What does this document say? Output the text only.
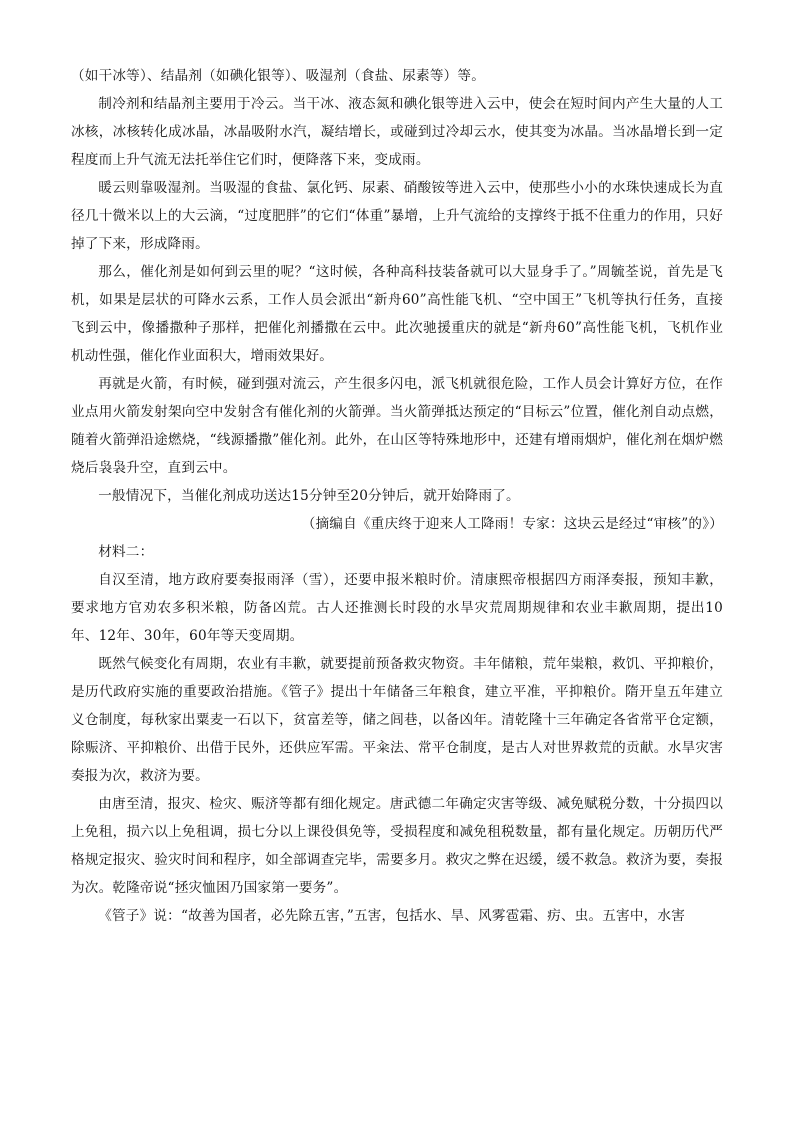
（如干冰等）、结晶剂（如碘化银等）、吸湿剂（食盐、尿素等）等。

制冷剂和结晶剂主要用于冷云。当干冰、液态氮和碘化银等进入云中，使会在短时间内产生大量的人工冰核，冰核转化成冰晶，冰晶吸附水汽，凝结增长，或碰到过冷却云水，使其变为冰晶。当冰晶增长到一定程度而上升气流无法托举住它们时，便降落下来，变成雨。

暖云则靠吸湿剂。当吸湿的食盐、氯化钙、尿素、硝酸铵等进入云中，使那些小小的水珠快速成长为直径几十微米以上的大云滴，“过度肥胖”的它们“体重”暴增，上升气流给的支撑终于抵不住重力的作用，只好掉了下来，形成降雨。

那么，催化剂是如何到云里的呢？“这时候，各种高科技装备就可以大显身手了。”周毓荃说，首先是飞机，如果是层状的可降水云系，工作人员会派出“新舟60”高性能飞机、“空中国王”飞机等执行任务，直接飞到云中，像播撒种子那样，把催化剂播撒在云中。此次驰援重庆的就是“新舟60”高性能飞机，飞机作业机动性强，催化作业面积大，增雨效果好。

再就是火箭，有时候，碰到强对流云，产生很多闪电，派飞机就很危险，工作人员会计算好方位，在作业点用火箭发射架向空中发射含有催化剂的火箭弹。当火箭弹抵达预定的“目标云”位置，催化剂自动点燃，随着火箭弹沿途燃烧，“线源播撒”催化剂。此外，在山区等特殊地形中，还建有增雨烟炉，催化剂在烟炉燃烧后袅袅升空，直到云中。

一般情况下，当催化剂成功送达15分钟至20分钟后，就开始降雨了。

（摘编自《重庆终于迎来人工降雨！专家：这块云是经过“审核”的》）

材料二：

自汉至清，地方政府要奏报雨泽（雪），还要申报米粮时价。清康熙帝根据四方雨泽奏报，预知丰歉，要求地方官劝农多积米粮，防备凶荒。古人还推测长时段的水旱灾荒周期规律和农业丰歉周期，提出10年、12年、30年，60年等天变周期。

既然气候变化有周期，农业有丰歉，就要提前预备救灾物资。丰年储粮，荒年粜粮，救饥、平抑粮价，是历代政府实施的重要政治措施。《管子》提出十年储备三年粮食，建立平准，平抑粮价。隋开皇五年建立义仓制度，每秋家出粟麦一石以下，贫富差等，储之闾巷，以备凶年。清乾隆十三年确定各省常平仓定额，除赈济、平抑粮价、出借于民外，还供应军需。平籴法、常平仓制度，是古人对世界救荒的贡献。水旱灾害奏报为次，救济为要。

由唐至清，报灾、检灾、赈济等都有细化规定。唐武德二年确定灾害等级、减免赋税分数，十分损四以上免租，损六以上免租调，损七分以上课役俱免等，受损程度和减免租税数量，都有量化规定。历朝历代严格规定报灾、验灾时间和程序，如全部调查完毕，需要多月。救灾之弊在迟缓，缓不救急。救济为要，奏报为次。乾隆帝说“拯灾恤困乃国家第一要务”。

《管子》说：“故善为国者，必先除五害，”五害，包括水、旱、风雾雹霜、疠、虫。五害中，水害
